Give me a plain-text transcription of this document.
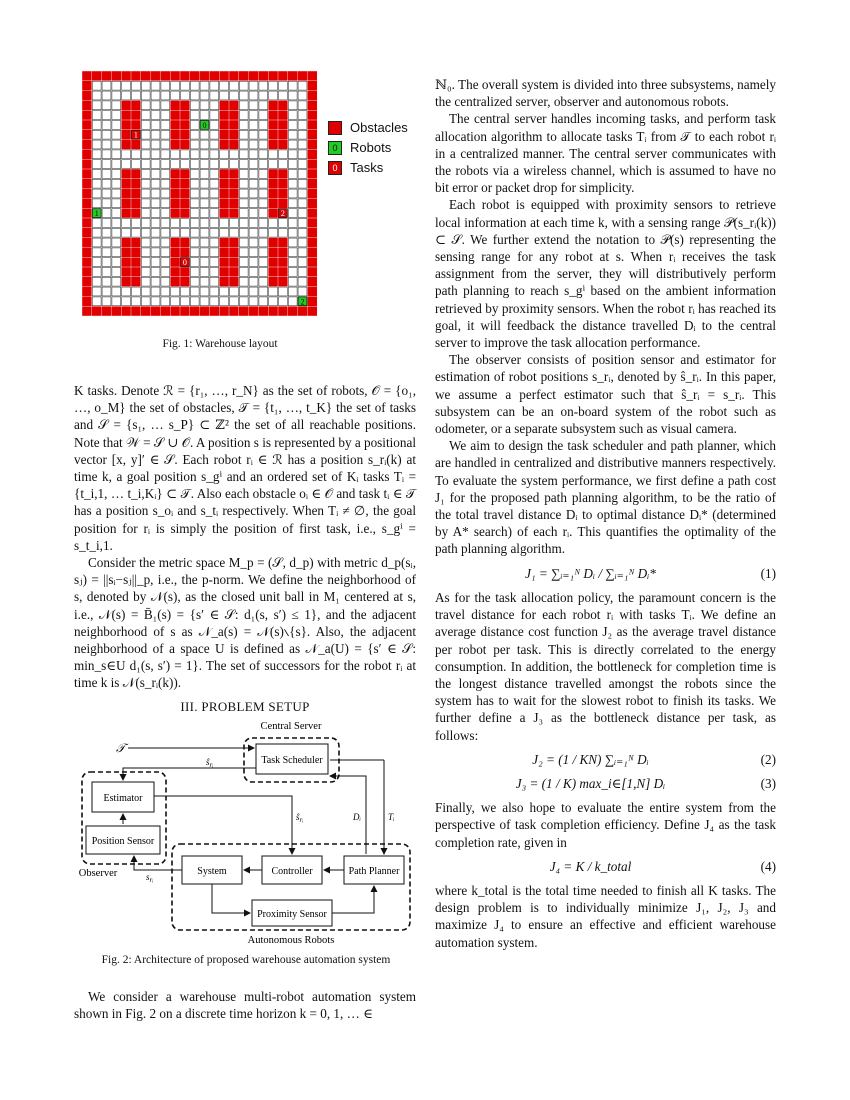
0
1
2
1
2
0
Obstacles
0 Robots
0 Tasks
Fig. 1: Warehouse layout

K tasks. Denote ℛ = {r₁, …, r_N} as the set of robots, 𝒪 = {o₁, …, o_M} the set of obstacles, 𝒯 = {t₁, …, t_K} the set of tasks and 𝒮 = {s₁, … s_P} ⊂ ℤ² the set of all reachable positions. Note that 𝒲 = 𝒮 ∪ 𝒪. A position s is represented by a positional vector [x, y]′ ∈ 𝒮. Each robot rᵢ ∈ ℛ has a position s_rᵢ(k) at time k, a goal position s_gⁱ and an ordered set of Kᵢ tasks Tᵢ = {t_i,1, … t_i,Kᵢ} ⊂ 𝒯. Also each obstacle oᵢ ∈ 𝒪 and task tᵢ ∈ 𝒯 has a position s_oᵢ and s_tᵢ respectively. When Tᵢ ≠ ∅, the goal position for rᵢ is simply the position of first task, i.e., s_gⁱ = s_t_i,1.

Consider the metric space M_p = (𝒮, d_p) with metric d_p(sᵢ, sⱼ) = ||sᵢ−sⱼ||_p, i.e., the p-norm. We define the neighborhood of s, denoted by 𝒩(s), as the closed unit ball in M₁ centered at s, i.e., 𝒩(s) = B̄₁(s) = {s′ ∈ 𝒮: d₁(s, s′) ≤ 1}, and the adjacent neighborhood of s as 𝒩_a(s) = 𝒩(s)∖{s}. Also, the adjacent neighborhood of a space U is defined as 𝒩_a(U) = {s′ ∈ 𝒮: min_s∈U d₁(s, s′) = 1}. The set of successors for the robot rᵢ at time k is 𝒩(s_rᵢ(k)).

III. PROBLEM SETUP
Central Server
Observer
Autonomous Robots
Task Scheduler
Estimator
Position Sensor
System	Controller	Path Planner
Proximity Sensor
𝒯
$ŝ_{rᵢ}$
$ŝ_{rᵢ}$	Dᵢ	Tᵢ
$s_{rᵢ}$
Fig. 2: Architecture of proposed warehouse automation system

We consider a warehouse multi-robot automation system shown in Fig. 2 on a discrete time horizon k = 0, 1, … ∈

ℕ₀. The overall system is divided into three subsystems, namely the centralized server, observer and autonomous robots.

The central server handles incoming tasks, and perform task allocation algorithm to allocate tasks Tᵢ from 𝒯 to each robot rᵢ in a centralized manner. The central server communicates with the robots via a wireless channel, which is assumed to have no bit error or packet drop for simplicity.

Each robot is equipped with proximity sensors to retrieve local information at each time k, with a sensing range 𝒫(s_rᵢ(k)) ⊂ 𝒮. We further extend the notation to 𝒫(s) representing the sensing range for any robot at s. When rᵢ receives the task assignment from the server, they will distributively perform path planning to reach s_gⁱ based on the ambient information retrieved by proximity sensors. When the robot rᵢ has reached its goal, it will feedback the distance travelled Dᵢ to the central server to improve the task allocation performance.

The observer consists of position sensor and estimator for estimation of robot positions s_rᵢ, denoted by ŝ_rᵢ. In this paper, we assume a perfect estimator such that ŝ_rᵢ = s_rᵢ. This subsystem can be an on-board system of the robot such as odometer, or a separate subsystem such as visual camera.

We aim to design the task scheduler and path planner, which are handled in centralized and distributive manners respectively. To evaluate the system performance, we first define a path cost J₁ for the proposed path planning algorithm, to be the ratio of the total travel distance Dᵢ to optimal distance Dᵢ* (determined by A* search) of each rᵢ. This quantifies the optimality of the path planning algorithm.

J₁ = ∑ᵢ₌₁ᴺ Dᵢ / ∑ᵢ₌₁ᴺ Dᵢ*	(1)

As for the task allocation policy, the paramount concern is the travel distance for each robot rᵢ with tasks Tᵢ. We define an average distance cost function J₂ as the average travel distance per robot per task. This is directly correlated to the energy consumption. In addition, the bottleneck for completion time is the longest distance travelled amongst the robots since the system has to wait for the slowest robot to finish its tasks. We further define a J₃ as the bottleneck distance per task, as follows:

J₂ = (1 / KN) ∑ᵢ₌₁ᴺ Dᵢ	(2)
J₃ = (1 / K) max_i∈[1,N] Dᵢ	(3)

Finally, we also hope to evaluate the entire system from the perspective of task completion efficiency. Define J₄ as the task completion rate, given in

J₄ = K / k_total	(4)

where k_total is the total time needed to finish all K tasks. The design problem is to individually minimize J₁, J₂, J₃ and maximize J₄ to ensure an effective and efficient warehouse automation system.
